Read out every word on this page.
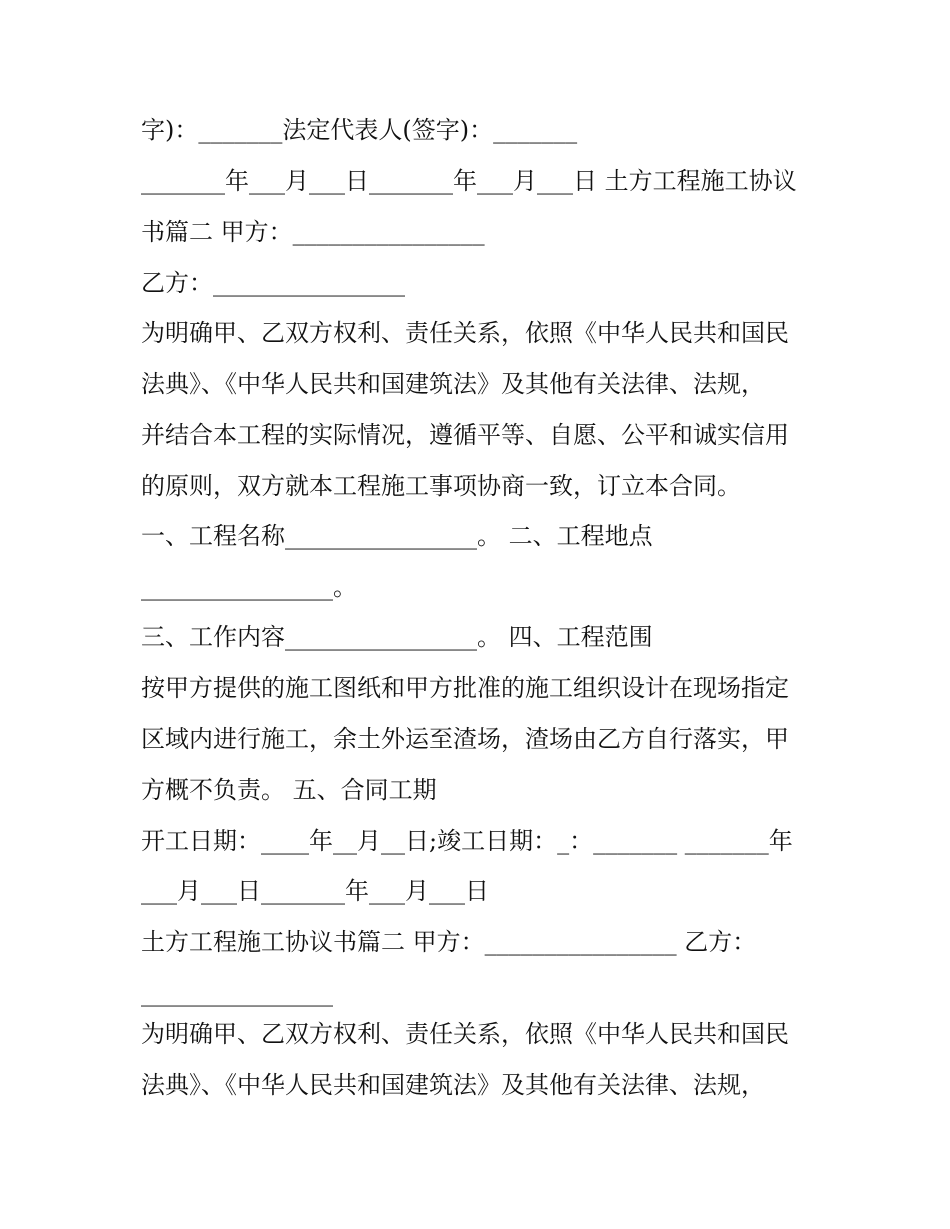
字)：_______法定代表人(签字)：_______
_______年___月___日_______年___月___日 土方工程施工协议
书篇二 甲方：________________
乙方：________________
为明确甲、乙双方权利、责任关系，依照《中华人民共和国民
法典》、《中华人民共和国建筑法》及其他有关法律、法规，
并结合本工程的实际情况，遵循平等、自愿、公平和诚实信用
的原则，双方就本工程施工事项协商一致，订立本合同。
一、工程名称________________。 二、工程地点
________________。
三、工作内容________________。 四、工程范围
按甲方提供的施工图纸和甲方批准的施工组织设计在现场指定
区域内进行施工，余土外运至渣场，渣场由乙方自行落实，甲
方概不负责。 五、合同工期
开工日期：____年__月__日;竣工日期：_：_______ _______年
___月___日_______年___月___日
土方工程施工协议书篇二 甲方：________________ 乙方：
________________
为明确甲、乙双方权利、责任关系，依照《中华人民共和国民
法典》、《中华人民共和国建筑法》及其他有关法律、法规，
